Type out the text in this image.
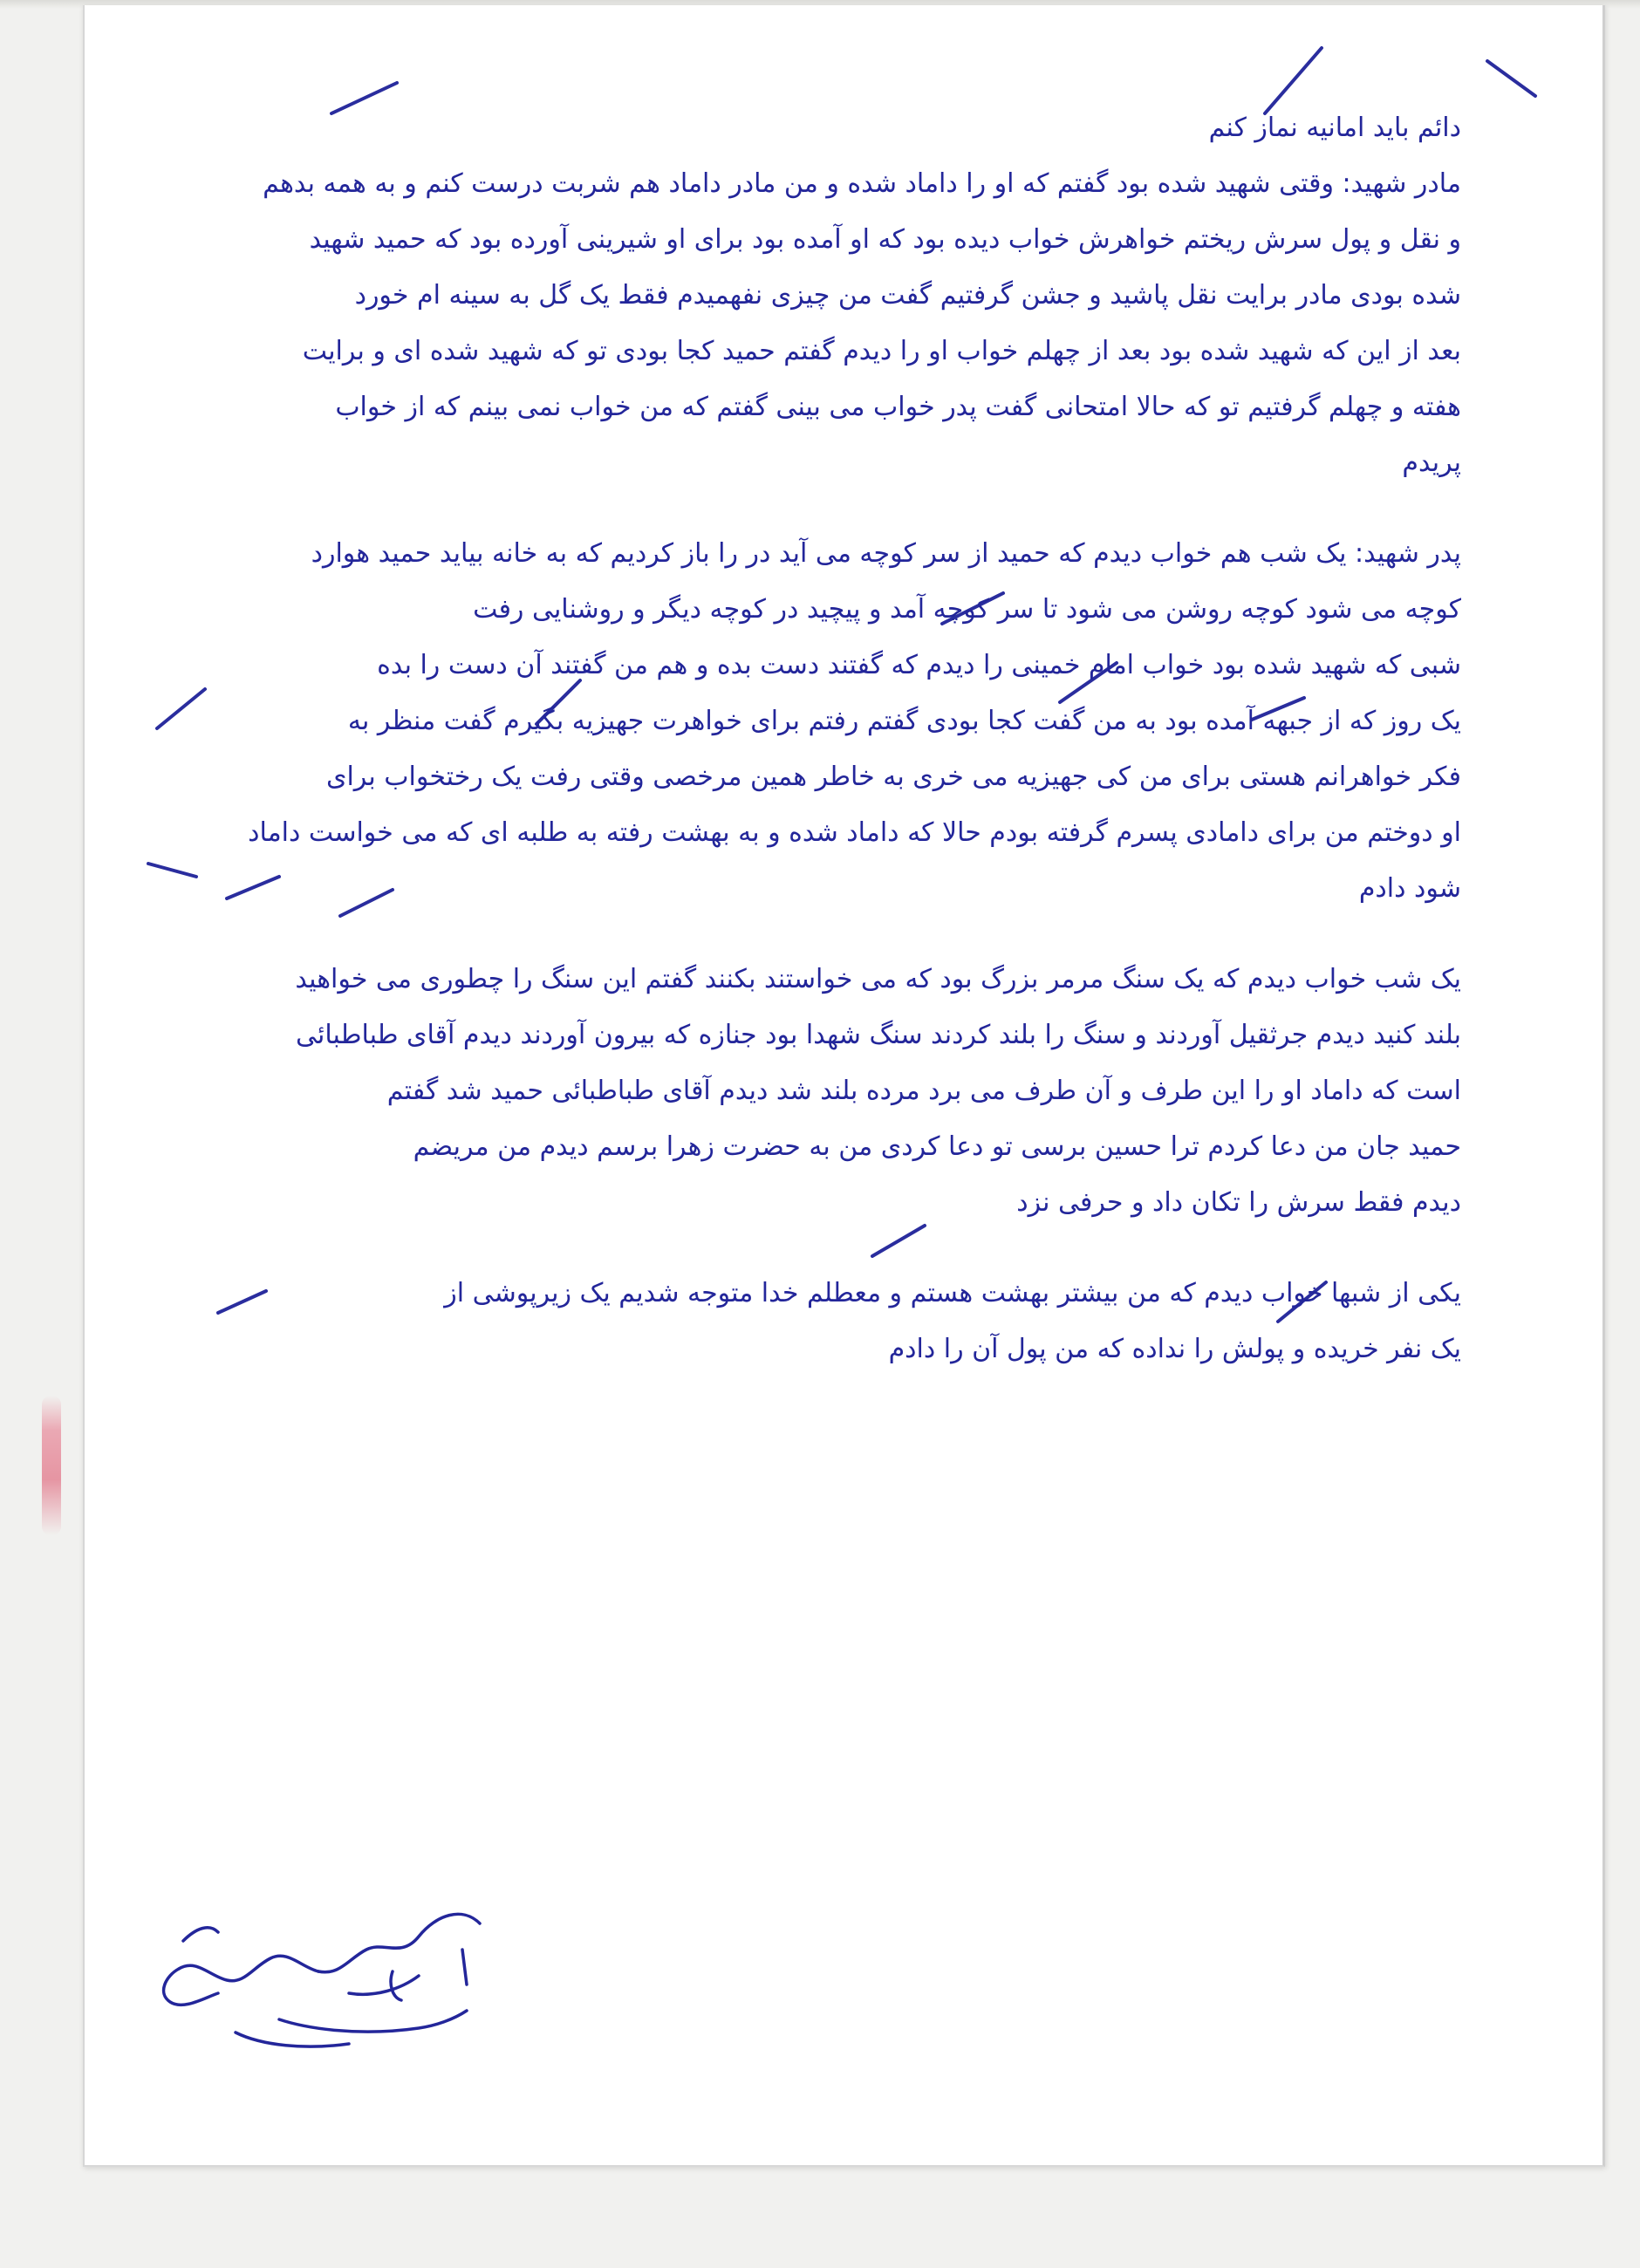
دائم باید امانیه نماز کنم
مادر شهید: وقتی شهید شده بود گفتم که او را داماد شده و من مادر داماد هم شربت درست کنم و به همه بدهم
و نقل و پول سرش ریختم خواهرش خواب دیده بود که او آمده بود برای او شیرینی آورده بود که حمید شهید
شده بودی مادر برایت نقل پاشید و جشن گرفتیم گفت من چیزی نفهمیدم فقط یک گل به سینه ام خورد
بعد از این که شهید شده بود بعد از چهلم خواب او را دیدم گفتم حمید کجا بودی تو که شهید شده ای و برایت
هفته و چهلم گرفتیم تو که حالا امتحانی گفت پدر خواب می بینی گفتم که من خواب نمی بینم که از خواب
پریدم
پدر شهید: یک شب هم خواب دیدم که حمید از سر کوچه می آید در را باز کردیم که به خانه بیاید حمید هوارد
کوچه می شود کوچه روشن می شود تا سر کوچه آمد و پیچید در کوچه دیگر و روشنایی رفت
شبی که شهید شده بود خواب امام خمینی را دیدم که گفتند دست بده و هم من گفتند آن دست را بده
یک روز که از جبهه آمده بود به من گفت کجا بودی گفتم رفتم برای خواهرت جهیزیه بگیرم گفت منظر به
فکر خواهرانم هستی برای من کی جهیزیه می خری به خاطر همین مرخصی وقتی رفت یک رختخواب برای
او دوختم من برای دامادی پسرم گرفته بودم حالا که داماد شده و به بهشت رفته به طلبه ای که می خواست داماد
شود دادم
یک شب خواب دیدم که یک سنگ مرمر بزرگ بود که می خواستند بکنند گفتم این سنگ را چطوری می خواهید
بلند کنید دیدم جرثقیل آوردند و سنگ را بلند کردند سنگ شهدا بود جنازه که بیرون آوردند دیدم آقای طباطبائی
است که داماد او را این طرف و آن طرف می برد مرده بلند شد دیدم آقای طباطبائی حمید شد گفتم
حمید جان من دعا کردم ترا حسین برسی تو دعا کردی من به حضرت زهرا برسم دیدم من مریضم
دیدم فقط سرش را تکان داد و حرفی نزد
یکی از شبها خواب دیدم که من بیشتر بهشت هستم و معطلم خدا متوجه شدیم یک زیرپوشی از
یک نفر خریده و پولش را نداده که من پول آن را دادم
